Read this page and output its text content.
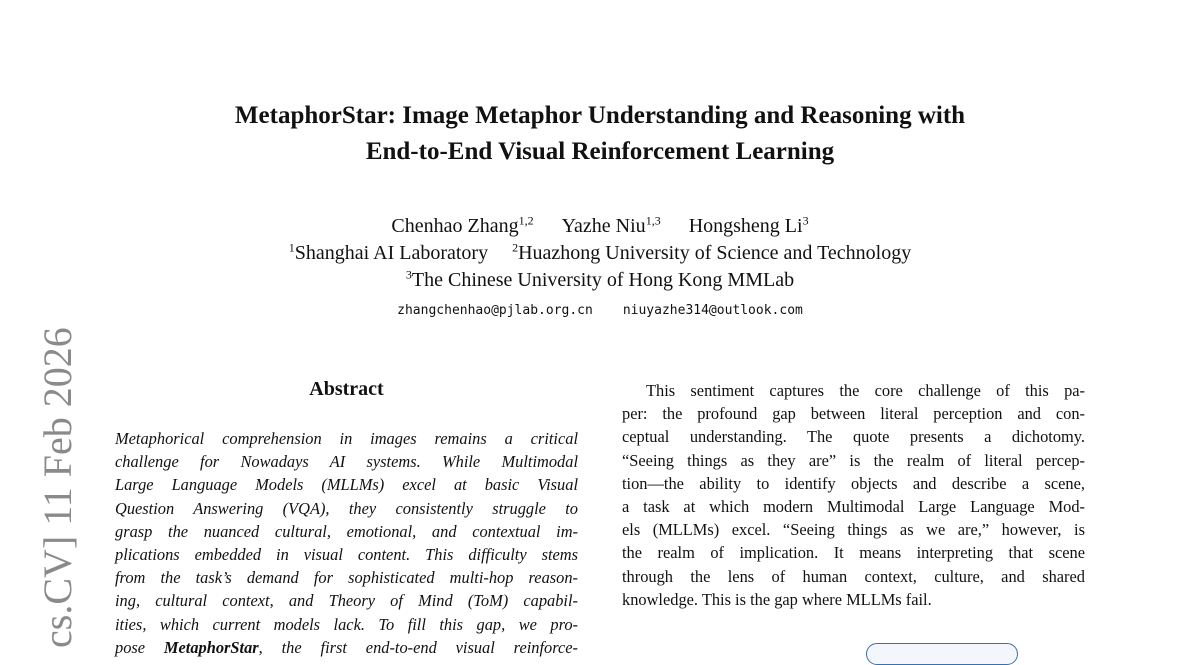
cs.CV] 11 Feb 2026
MetaphorStar: Image Metaphor Understanding and Reasoning with
End-to-End Visual Reinforcement Learning
Chenhao Zhang$^{1,2}$ Yazhe Niu$^{1,3}$ Hongsheng Li$^3$
$^1$Shanghai AI Laboratory $^2$Huazhong University of Science and Technology
$^3$The Chinese University of Hong Kong MMLab
zhangchenhao@pjlab.org.cn niuyazhe314@outlook.com
Abstract
Metaphorical comprehension in images remains a critical
challenge for Nowadays AI systems. While Multimodal
Large Language Models (MLLMs) excel at basic Visual
Question Answering (VQA), they consistently struggle to
grasp the nuanced cultural, emotional, and contextual im-
plications embedded in visual content. This difficulty stems
from the task’s demand for sophisticated multi-hop reason-
ing, cultural context, and Theory of Mind (ToM) capabil-
ities, which current models lack. To fill this gap, we pro-
pose MetaphorStar, the first end-to-end visual reinforce-
This sentiment captures the core challenge of this pa-
per: the profound gap between literal perception and con-
ceptual understanding. The quote presents a dichotomy.
“Seeing things as they are” is the realm of literal percep-
tion—the ability to identify objects and describe a scene,
a task at which modern Multimodal Large Language Mod-
els (MLLMs) excel. “Seeing things as we are,” however, is
the realm of implication. It means interpreting that scene
through the lens of human context, culture, and shared
knowledge. This is the gap where MLLMs fail.
